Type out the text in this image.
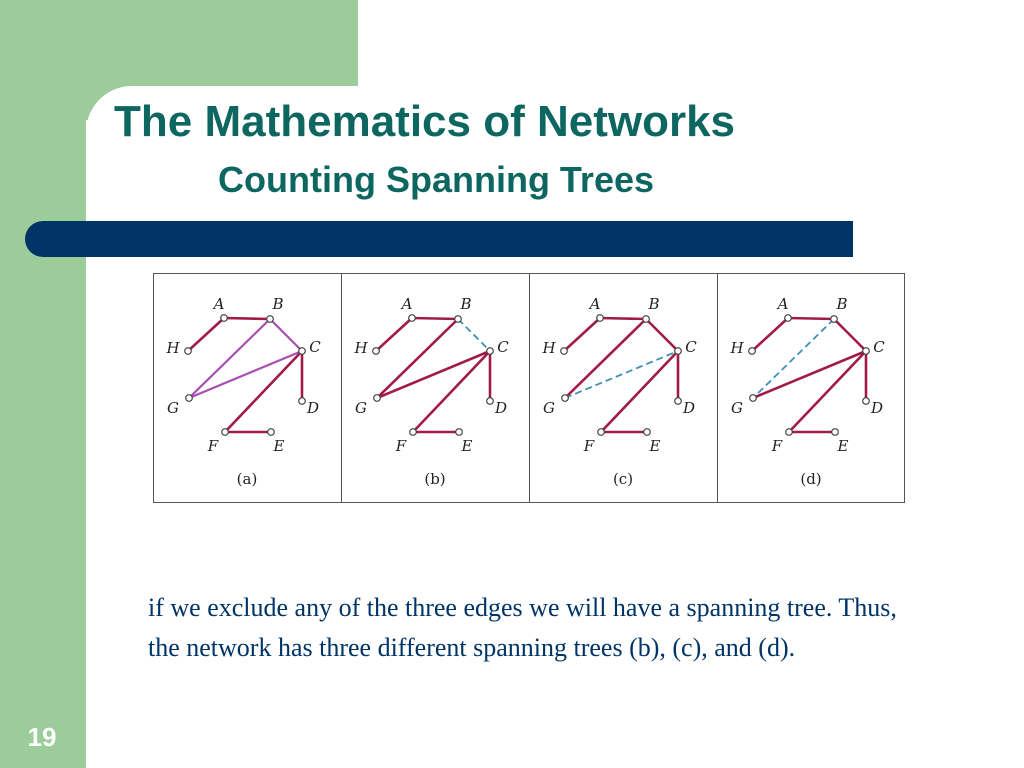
The Mathematics of Networks
Counting Spanning Trees
A	B
C
D
E
F
G
H
(a)
A	B
C
D
E
F
G
H
(b)
A	B
C
D
E
F
G
H
(c)
A	B
C
D
E
F
G
H
(d)

if we exclude any of the three edges we will have a spanning tree. Thus, the network has three different spanning trees (b), (c), and (d).

19
